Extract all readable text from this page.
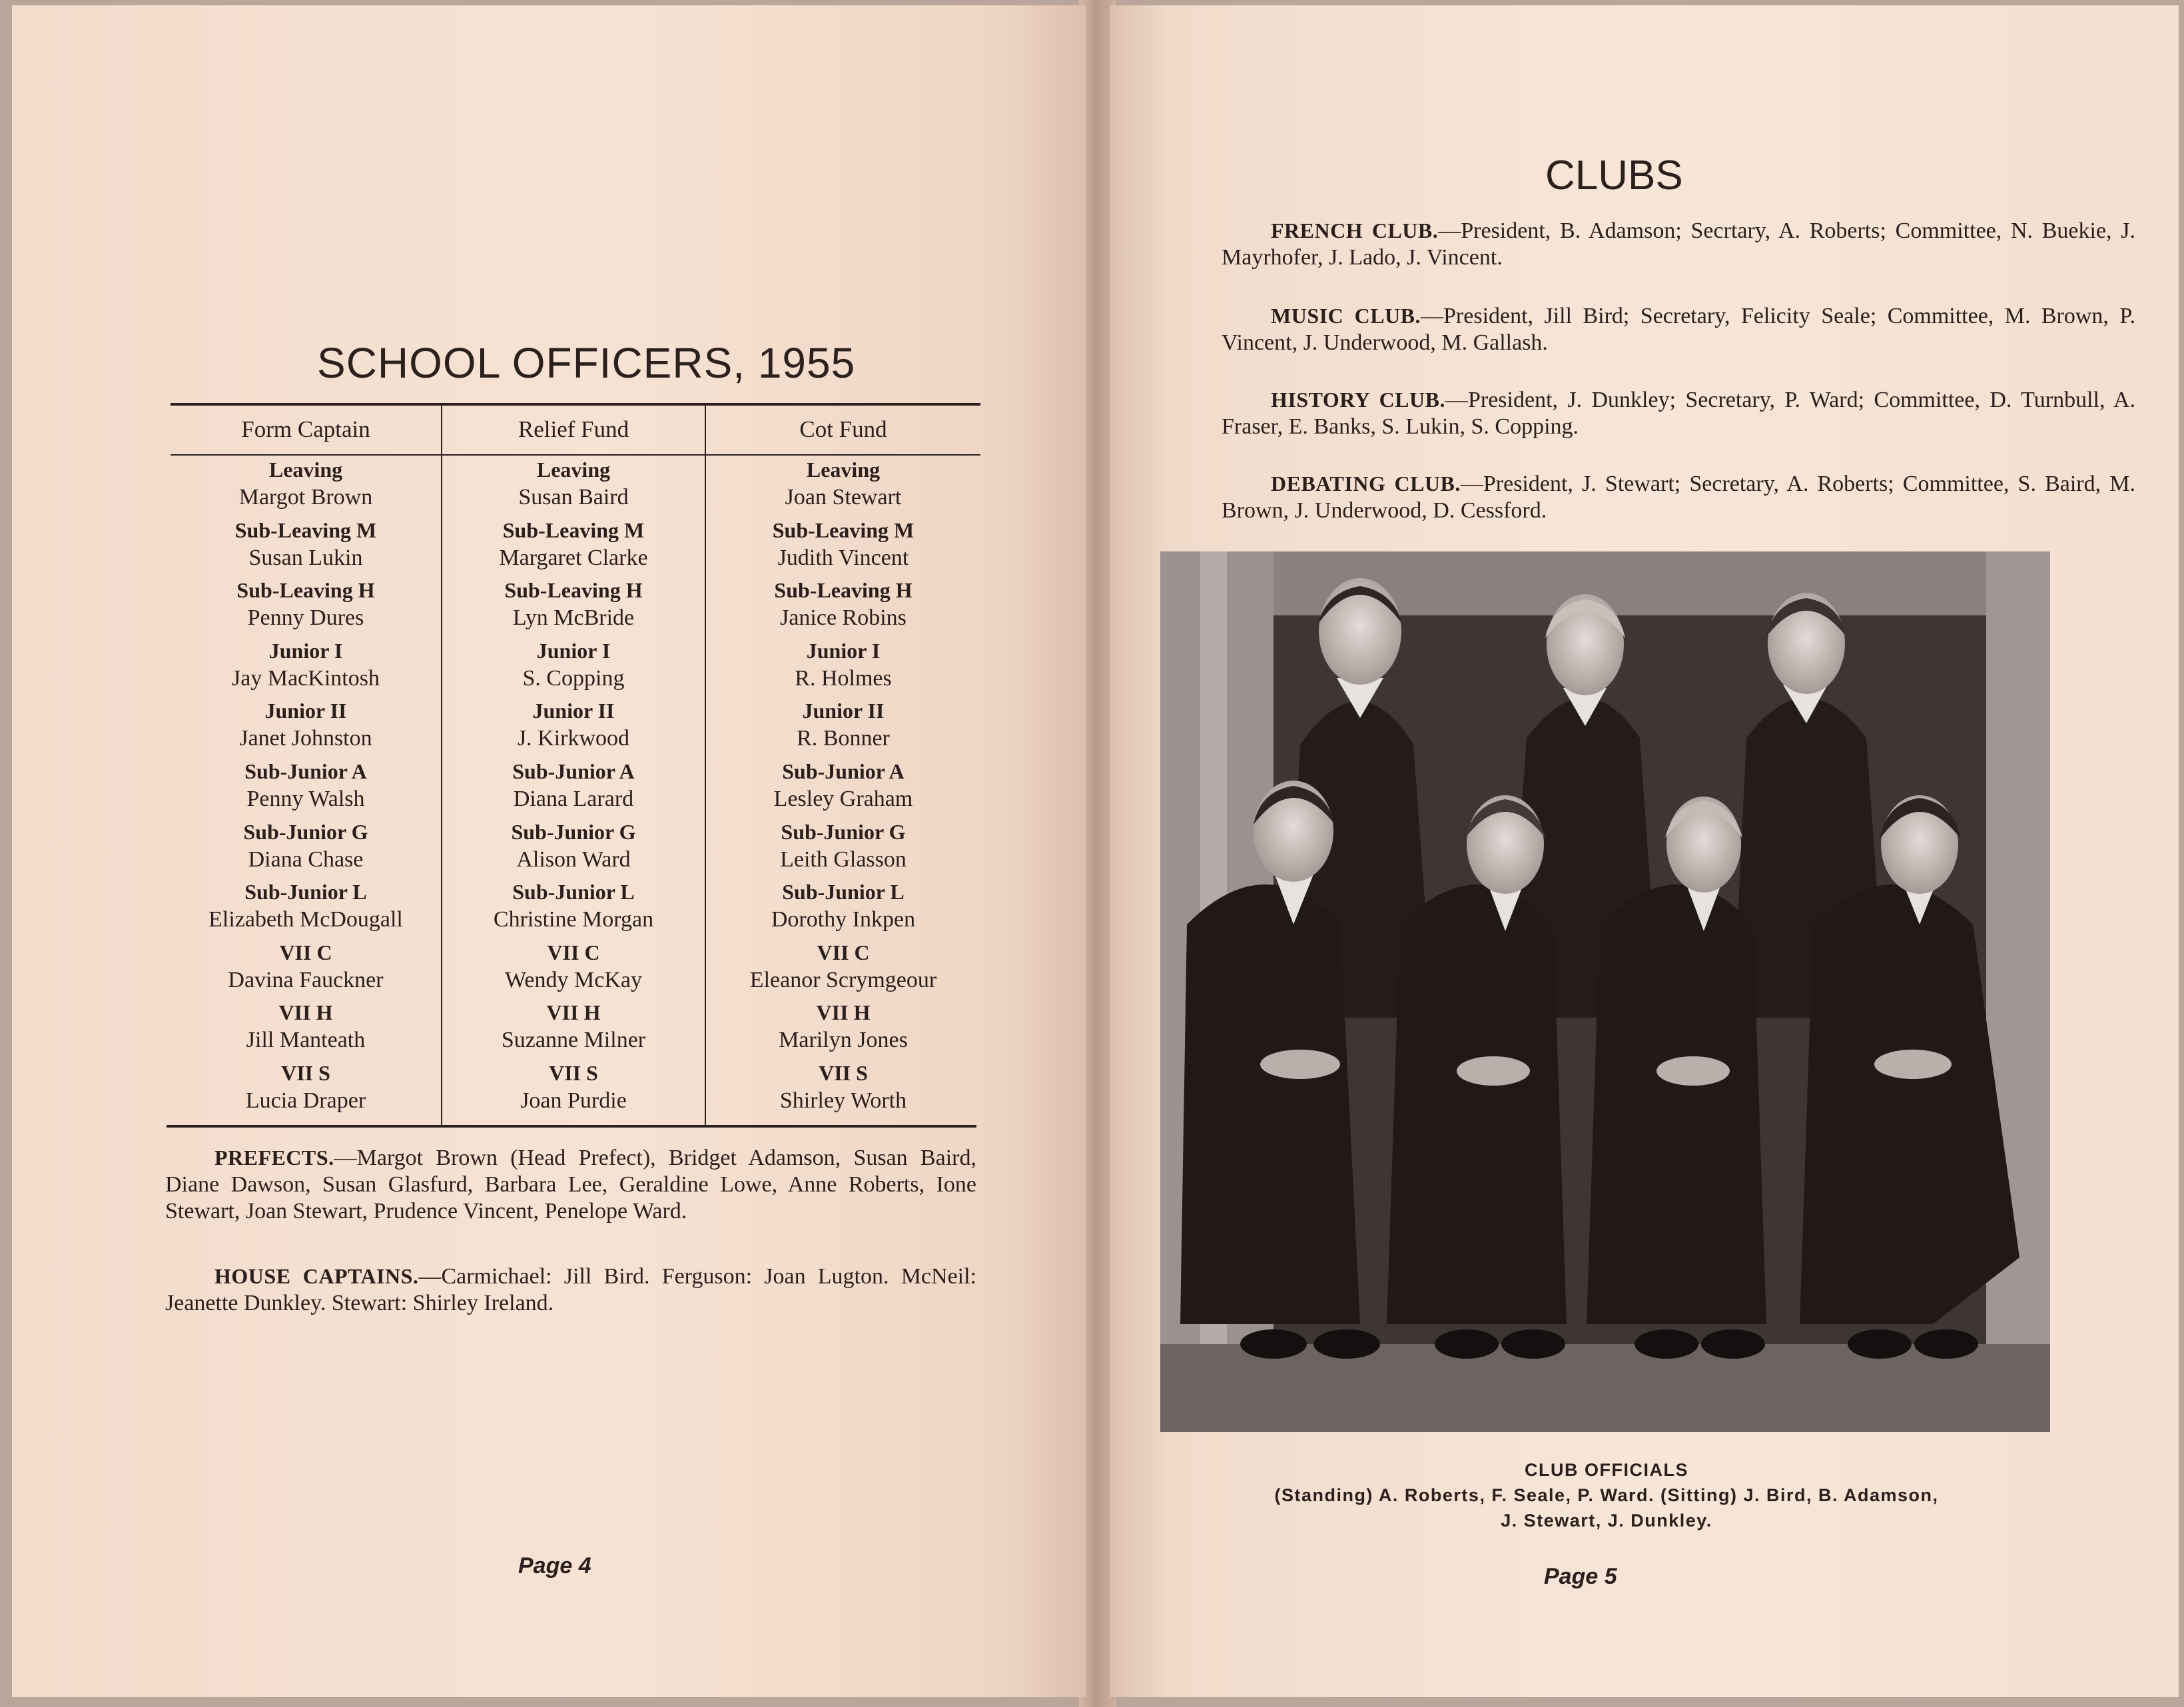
SCHOOL OFFICERS, 1955
Form Captain
Leaving
Margot Brown
Sub-Leaving M
Susan Lukin
Sub-Leaving H
Penny Dures
Junior I
Jay MacKintosh
Junior II
Janet Johnston
Sub-Junior A
Penny Walsh
Sub-Junior G
Diana Chase
Sub-Junior L
Elizabeth McDougall
VII C
Davina Fauckner
VII H
Jill Manteath
VII S
Lucia Draper
Relief Fund
Leaving
Susan Baird
Sub-Leaving M
Margaret Clarke
Sub-Leaving H
Lyn McBride
Junior I
S. Copping
Junior II
J. Kirkwood
Sub-Junior A
Diana Larard
Sub-Junior G
Alison Ward
Sub-Junior L
Christine Morgan
VII C
Wendy McKay
VII H
Suzanne Milner
VII S
Joan Purdie
Cot Fund
Leaving
Joan Stewart
Sub-Leaving M
Judith Vincent
Sub-Leaving H
Janice Robins
Junior I
R. Holmes
Junior II
R. Bonner
Sub-Junior A
Lesley Graham
Sub-Junior G
Leith Glasson
Sub-Junior L
Dorothy Inkpen
VII C
Eleanor Scrymgeour
VII H
Marilyn Jones
VII S
Shirley Worth
PREFECTS.—Margot Brown (Head Prefect), Bridget Adamson, Susan Baird, Diane Dawson, Susan Glasfurd, Barbara Lee, Geraldine Lowe, Anne Roberts, Ione Stewart, Joan Stewart, Prudence Vincent, Penelope Ward.
HOUSE CAPTAINS.—Carmichael: Jill Bird. Ferguson: Joan Lugton. McNeil: Jeanette Dunkley. Stewart: Shirley Ireland.
Page 4
CLUBS
FRENCH CLUB.—President, B. Adamson; Secrtary, A. Roberts; Committee, N. Buekie, J. Mayrhofer, J. Lado, J. Vincent.
MUSIC CLUB.—President, Jill Bird; Secretary, Felicity Seale; Committee, M. Brown, P. Vincent, J. Underwood, M. Gallash.
HISTORY CLUB.—President, J. Dunkley; Secretary, P. Ward; Committee, D. Turnbull, A. Fraser, E. Banks, S. Lukin, S. Copping.
DEBATING CLUB.—President, J. Stewart; Secretary, A. Roberts; Committee, S. Baird, M. Brown, J. Underwood, D. Cessford.
CLUB OFFICIALS
(Standing) A. Roberts, F. Seale, P. Ward. (Sitting) J. Bird, B. Adamson,
J. Stewart, J. Dunkley.
Page 5
